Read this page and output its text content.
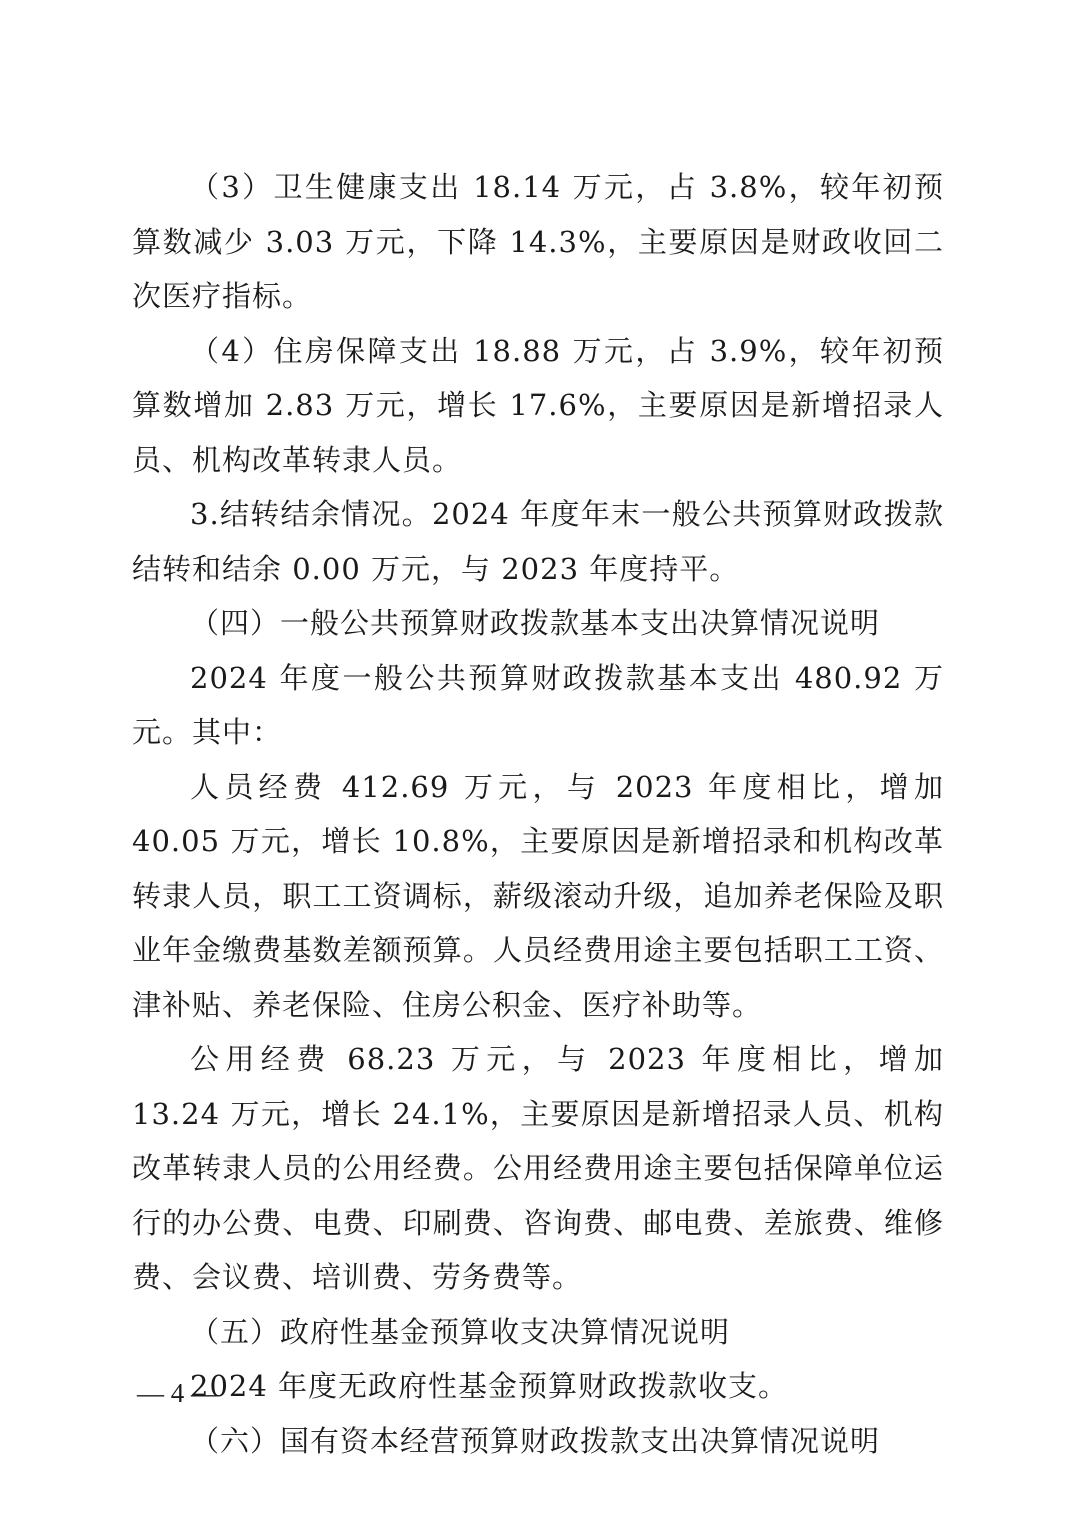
（3）卫生健康支出 18.14 万元，占 3.8%，较年初预算数减少 3.03 万元，下降 14.3%，主要原因是财政收回二次医疗指标。

（4）住房保障支出 18.88 万元，占 3.9%，较年初预算数增加 2.83 万元，增长 17.6%，主要原因是新增招录人员、机构改革转隶人员。

3.结转结余情况。2024 年度年末一般公共预算财政拨款结转和结余 0.00 万元，与 2023 年度持平。

（四）一般公共预算财政拨款基本支出决算情况说明

2024 年度一般公共预算财政拨款基本支出 480.92 万元。其中：

人员经费 412.69 万元，与 2023 年度相比，增加 40.05 万元，增长 10.8%，主要原因是新增招录和机构改革转隶人员，职工工资调标，薪级滚动升级，追加养老保险及职业年金缴费基数差额预算。人员经费用途主要包括职工工资、津补贴、养老保险、住房公积金、医疗补助等。

公用经费 68.23 万元，与 2023 年度相比，增加 13.24 万元，增长 24.1%，主要原因是新增招录人员、机构改革转隶人员的公用经费。公用经费用途主要包括保障单位运行的办公费、电费、印刷费、咨询费、邮电费、差旅费、维修费、会议费、培训费、劳务费等。

（五）政府性基金预算收支决算情况说明

2024 年度无政府性基金预算财政拨款收支。

（六）国有资本经营预算财政拨款支出决算情况说明

— 4 —
